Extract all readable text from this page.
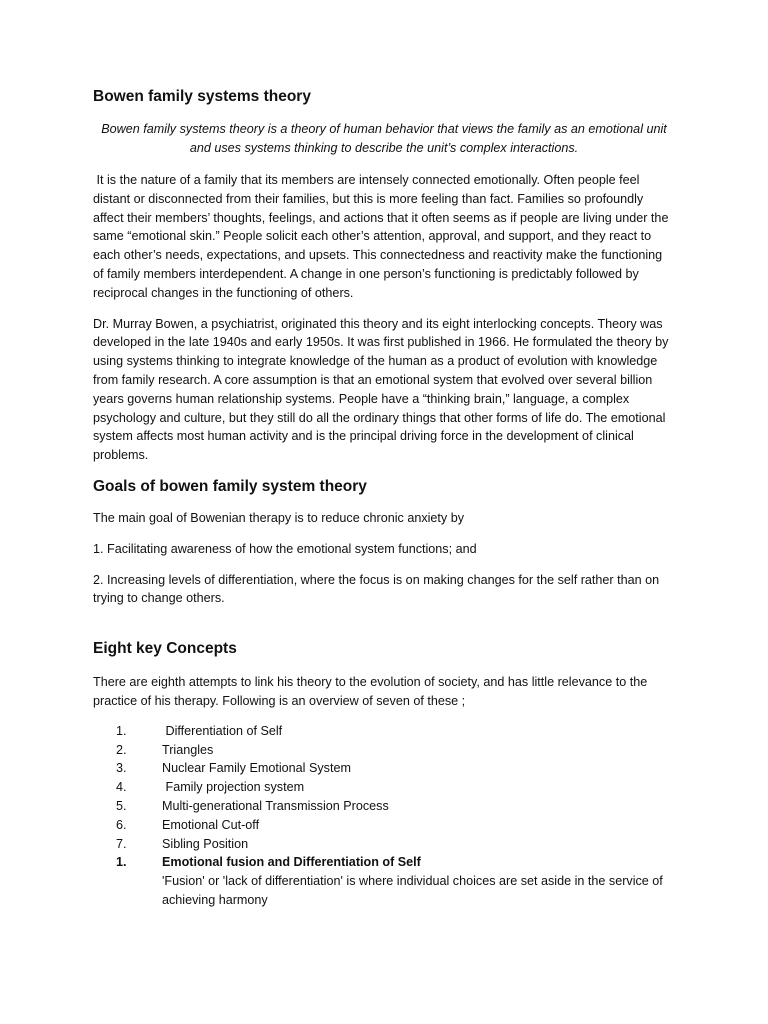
Bowen family systems theory

Bowen family systems theory is a theory of human behavior that views the family as an emotional unit and uses systems thinking to describe the unit’s complex interactions.

It is the nature of a family that its members are intensely connected emotionally. Often people feel distant or disconnected from their families, but this is more feeling than fact. Families so profoundly affect their members’ thoughts, feelings, and actions that it often seems as if people are living under the same “emotional skin.” People solicit each other’s attention, approval, and support, and they react to each other’s needs, expectations, and upsets. This connectedness and reactivity make the functioning of family members interdependent. A change in one person’s functioning is predictably followed by reciprocal changes in the functioning of others.

Dr. Murray Bowen, a psychiatrist, originated this theory and its eight interlocking concepts. Theory was developed in the late 1940s and early 1950s. It was first published in 1966. He formulated the theory by using systems thinking to integrate knowledge of the human as a product of evolution with knowledge from family research. A core assumption is that an emotional system that evolved over several billion years governs human relationship systems. People have a “thinking brain,” language, a complex psychology and culture, but they still do all the ordinary things that other forms of life do. The emotional system affects most human activity and is the principal driving force in the development of clinical problems.

Goals of bowen family system theory

The main goal of Bowenian therapy is to reduce chronic anxiety by

1. Facilitating awareness of how the emotional system functions; and

2. Increasing levels of differentiation, where the focus is on making changes for the self rather than on trying to change others.

Eight key Concepts

There are eighth attempts to link his theory to the evolution of society, and has little relevance to the practice of his therapy. Following is an overview of seven of these ;

1.	Differentiation of Self
2.	Triangles
3.	Nuclear Family Emotional System
4.	Family projection system
5.	Multi-generational Transmission Process
6.	Emotional Cut-off
7.	Sibling Position
1.	Emotional fusion and Differentiation of Self
'Fusion' or 'lack of differentiation' is where individual choices are set aside in the service of achieving harmony
